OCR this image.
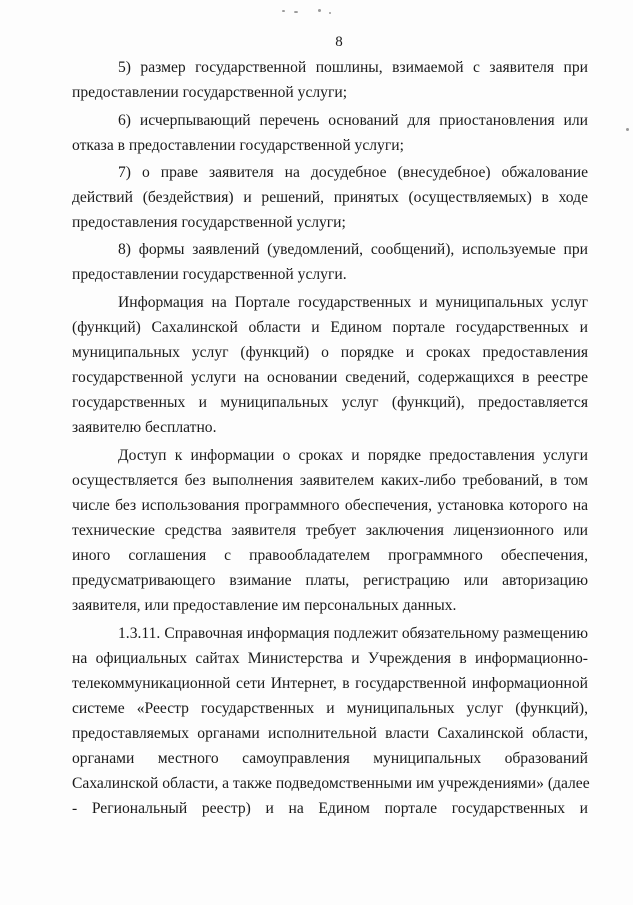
8
5) размер государственной пошлины, взимаемой с заявителя при
предоставлении государственной услуги;
6) исчерпывающий перечень оснований для приостановления или
отказа в предоставлении государственной услуги;
7) о праве заявителя на досудебное (внесудебное) обжалование
действий (бездействия) и решений, принятых (осуществляемых) в ходе
предоставления государственной услуги;
8) формы заявлений (уведомлений, сообщений), используемые при
предоставлении государственной услуги.
Информация на Портале государственных и муниципальных услуг
(функций) Сахалинской области и Едином портале государственных и
муниципальных услуг (функций) о порядке и сроках предоставления
государственной услуги на основании сведений, содержащихся в реестре
государственных и муниципальных услуг (функций), предоставляется
заявителю бесплатно.
Доступ к информации о сроках и порядке предоставления услуги
осуществляется без выполнения заявителем каких-либо требований, в том
числе без использования программного обеспечения, установка которого на
технические средства заявителя требует заключения лицензионного или
иного соглашения с правообладателем программного обеспечения,
предусматривающего взимание платы, регистрацию или авторизацию
заявителя, или предоставление им персональных данных.
1.3.11. Справочная информация подлежит обязательному размещению
на официальных сайтах Министерства и Учреждения в информационно-
телекоммуникационной сети Интернет, в государственной информационной
системе «Реестр государственных и муниципальных услуг (функций),
предоставляемых органами исполнительной власти Сахалинской области,
органами местного самоуправления муниципальных образований
Сахалинской области, а также подведомственными им учреждениями» (далее
- Региональный реестр) и на Едином портале государственных и
